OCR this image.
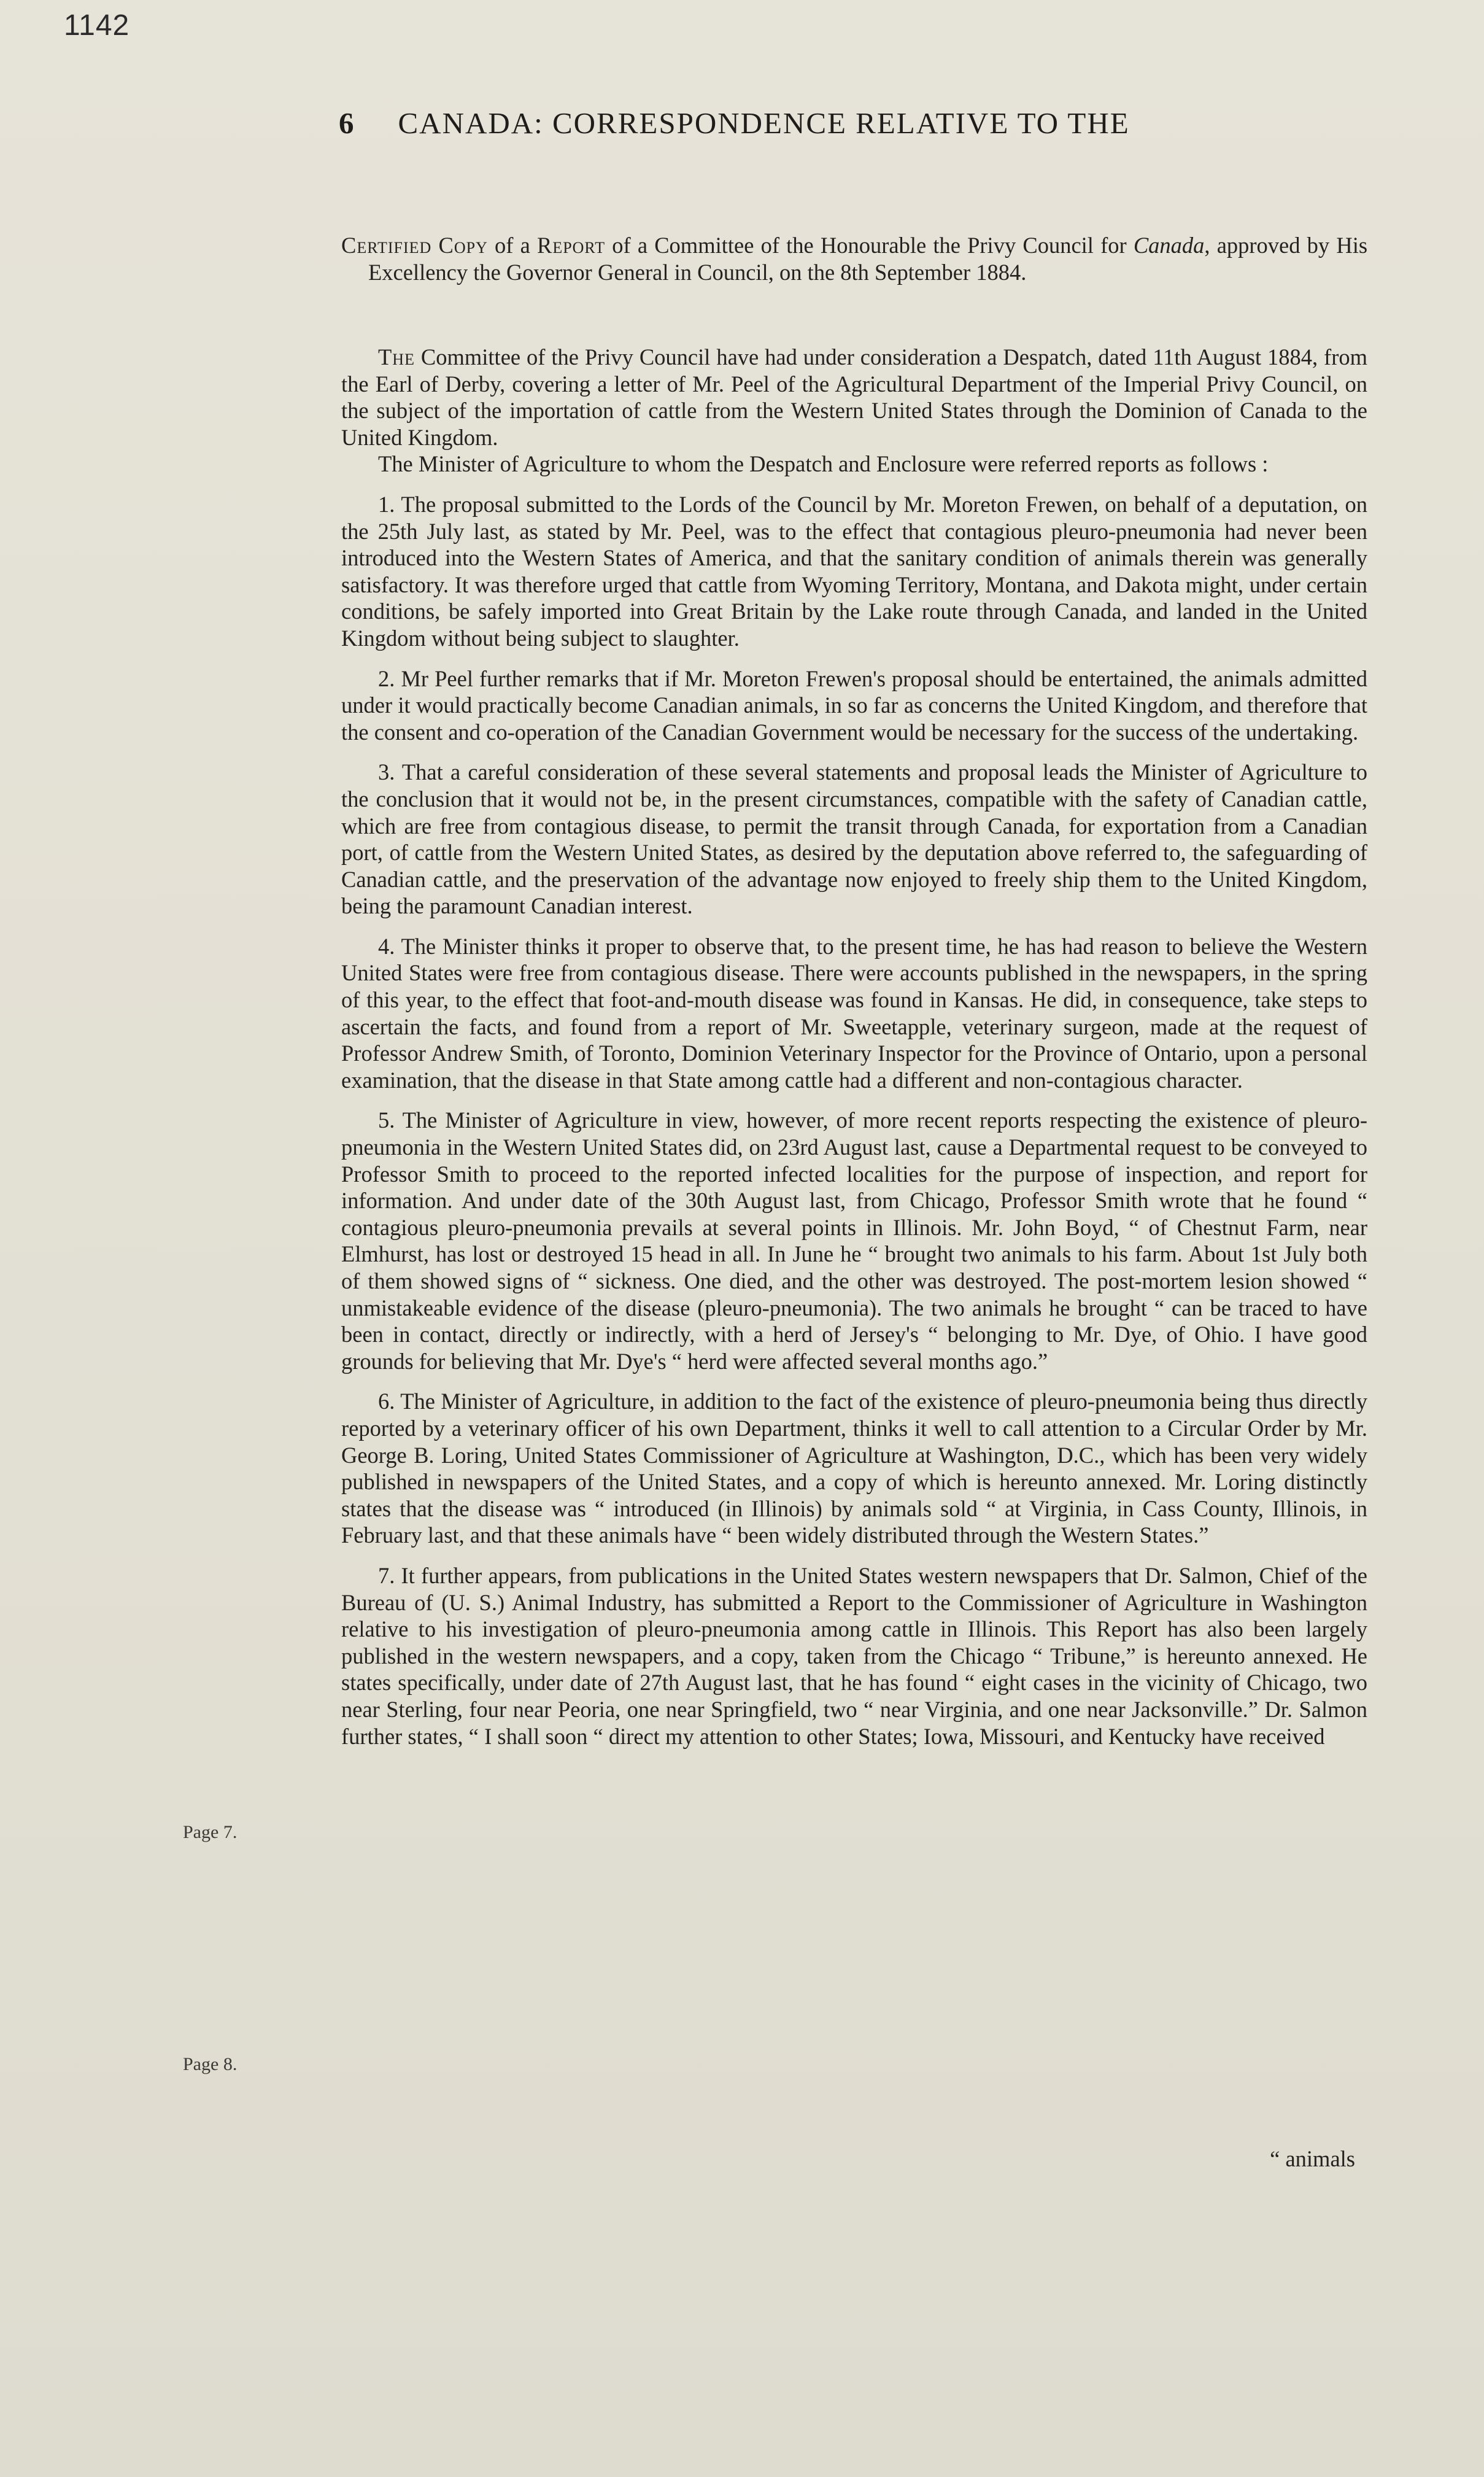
1142
6 CANADA: CORRESPONDENCE RELATIVE TO THE

Certified Copy of a Report of a Committee of the Honourable the Privy Council for Canada, approved by His Excellency the Governor General in Council, on the 8th September 1884.

The Committee of the Privy Council have had under consideration a Despatch, dated 11th August 1884, from the Earl of Derby, covering a letter of Mr. Peel of the Agricultural Department of the Imperial Privy Council, on the subject of the importation of cattle from the Western United States through the Dominion of Canada to the United Kingdom.

The Minister of Agriculture to whom the Despatch and Enclosure were referred reports as follows :

1. The proposal submitted to the Lords of the Council by Mr. Moreton Frewen, on behalf of a deputation, on the 25th July last, as stated by Mr. Peel, was to the effect that contagious pleuro-pneumonia had never been introduced into the Western States of America, and that the sanitary condition of animals therein was generally satisfactory. It was therefore urged that cattle from Wyoming Territory, Montana, and Dakota might, under certain conditions, be safely imported into Great Britain by the Lake route through Canada, and landed in the United Kingdom without being subject to slaughter.

2. Mr Peel further remarks that if Mr. Moreton Frewen's proposal should be entertained, the animals admitted under it would practically become Canadian animals, in so far as concerns the United Kingdom, and therefore that the consent and co-operation of the Canadian Government would be necessary for the success of the undertaking.

3. That a careful consideration of these several statements and proposal leads the Minister of Agriculture to the conclusion that it would not be, in the present circumstances, compatible with the safety of Canadian cattle, which are free from contagious disease, to permit the transit through Canada, for exportation from a Canadian port, of cattle from the Western United States, as desired by the deputation above referred to, the safeguarding of Canadian cattle, and the preservation of the advantage now enjoyed to freely ship them to the United Kingdom, being the paramount Canadian interest.

4. The Minister thinks it proper to observe that, to the present time, he has had reason to believe the Western United States were free from contagious disease. There were accounts published in the newspapers, in the spring of this year, to the effect that foot-and-mouth disease was found in Kansas. He did, in consequence, take steps to ascertain the facts, and found from a report of Mr. Sweetapple, veterinary surgeon, made at the request of Professor Andrew Smith, of Toronto, Dominion Veterinary Inspector for the Province of Ontario, upon a personal examination, that the disease in that State among cattle had a different and non-contagious character.

5. The Minister of Agriculture in view, however, of more recent reports respecting the existence of pleuro-pneumonia in the Western United States did, on 23rd August last, cause a Departmental request to be conveyed to Professor Smith to proceed to the reported infected localities for the purpose of inspection, and report for information. And under date of the 30th August last, from Chicago, Professor Smith wrote that he found “ contagious pleuro-pneumonia prevails at several points in Illinois. Mr. John Boyd, “ of Chestnut Farm, near Elmhurst, has lost or destroyed 15 head in all. In June he “ brought two animals to his farm. About 1st July both of them showed signs of “ sickness. One died, and the other was destroyed. The post-mortem lesion showed “ unmistakeable evidence of the disease (pleuro-pneumonia). The two animals he brought “ can be traced to have been in contact, directly or indirectly, with a herd of Jersey's “ belonging to Mr. Dye, of Ohio. I have good grounds for believing that Mr. Dye's “ herd were affected several months ago.”

6. The Minister of Agriculture, in addition to the fact of the existence of pleuro-pneumonia being thus directly reported by a veterinary officer of his own Department, thinks it well to call attention to a Circular Order by Mr. George B. Loring, United States Commissioner of Agriculture at Washington, D.C., which has been very widely published in newspapers of the United States, and a copy of which is hereunto annexed. Mr. Loring distinctly states that the disease was “ introduced (in Illinois) by animals sold “ at Virginia, in Cass County, Illinois, in February last, and that these animals have “ been widely distributed through the Western States.”

7. It further appears, from publications in the United States western newspapers that Dr. Salmon, Chief of the Bureau of (U. S.) Animal Industry, has submitted a Report to the Commissioner of Agriculture in Washington relative to his investigation of pleuro-pneumonia among cattle in Illinois. This Report has also been largely published in the western newspapers, and a copy, taken from the Chicago “ Tribune,” is hereunto annexed. He states specifically, under date of 27th August last, that he has found “ eight cases in the vicinity of Chicago, two near Sterling, four near Peoria, one near Springfield, two “ near Virginia, and one near Jacksonville.” Dr. Salmon further states, “ I shall soon “ direct my attention to other States; Iowa, Missouri, and Kentucky have received

“ animals
Page 7.
Page 8.
